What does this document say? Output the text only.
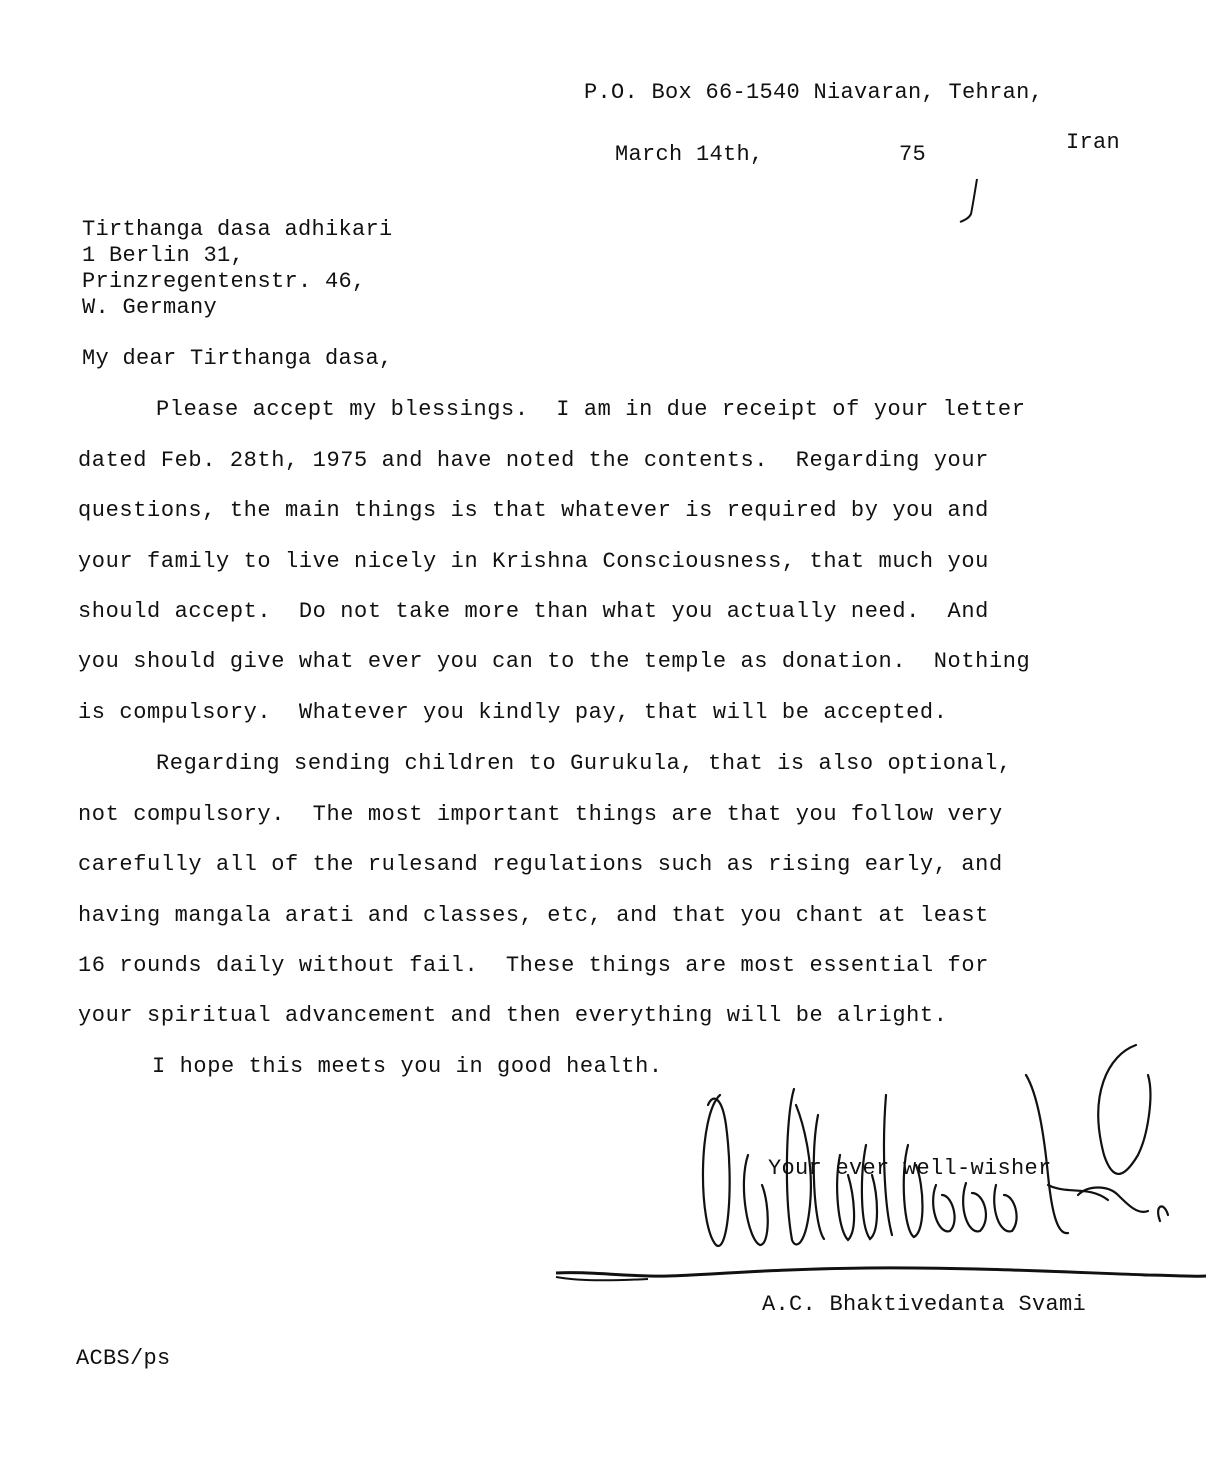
P.O. Box 66-1540 Niavaran, Tehran,
Iran
March 14th,	75
Tirthanga dasa adhikari
1 Berlin 31,
Prinzregentenstr. 46,
W. Germany
My dear Tirthanga dasa,
Please accept my blessings.  I am in due receipt of your letter
dated Feb. 28th, 1975 and have noted the contents.  Regarding your
questions, the main things is that whatever is required by you and
your family to live nicely in Krishna Consciousness, that much you
should accept.  Do not take more than what you actually need.  And
you should give what ever you can to the temple as donation.  Nothing
is compulsory.  Whatever you kindly pay, that will be accepted.
Regarding sending children to Gurukula, that is also optional,
not compulsory.  The most important things are that you follow very
carefully all of the rulesand regulations such as rising early, and
having mangala arati and classes, etc, and that you chant at least
16 rounds daily without fail.  These things are most essential for
your spiritual advancement and then everything will be alright.
I hope this meets you in good health.
Your ever well-wisher
A.C. Bhaktivedanta Svami
A.C. Bhaktivedanta Svami
ACBS/ps
